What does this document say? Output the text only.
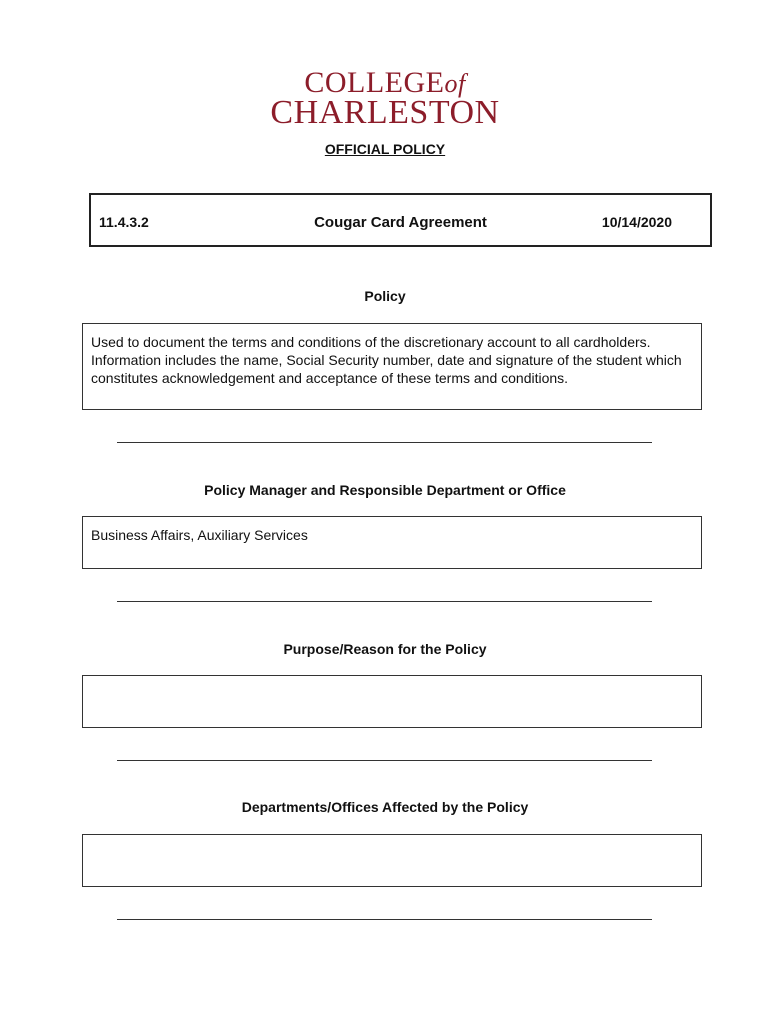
COLLEGEof
CHARLESTON
OFFICIAL POLICY
11.4.3.2	Cougar Card Agreement	10/14/2020
Policy
Used to document the terms and conditions of the discretionary account to all cardholders. Information includes the name, Social Security number, date and signature of the student which constitutes acknowledgement and acceptance of these terms and conditions.
Policy Manager and Responsible Department or Office
Business Affairs, Auxiliary Services
Purpose/Reason for the Policy
Departments/Offices Affected by the Policy
